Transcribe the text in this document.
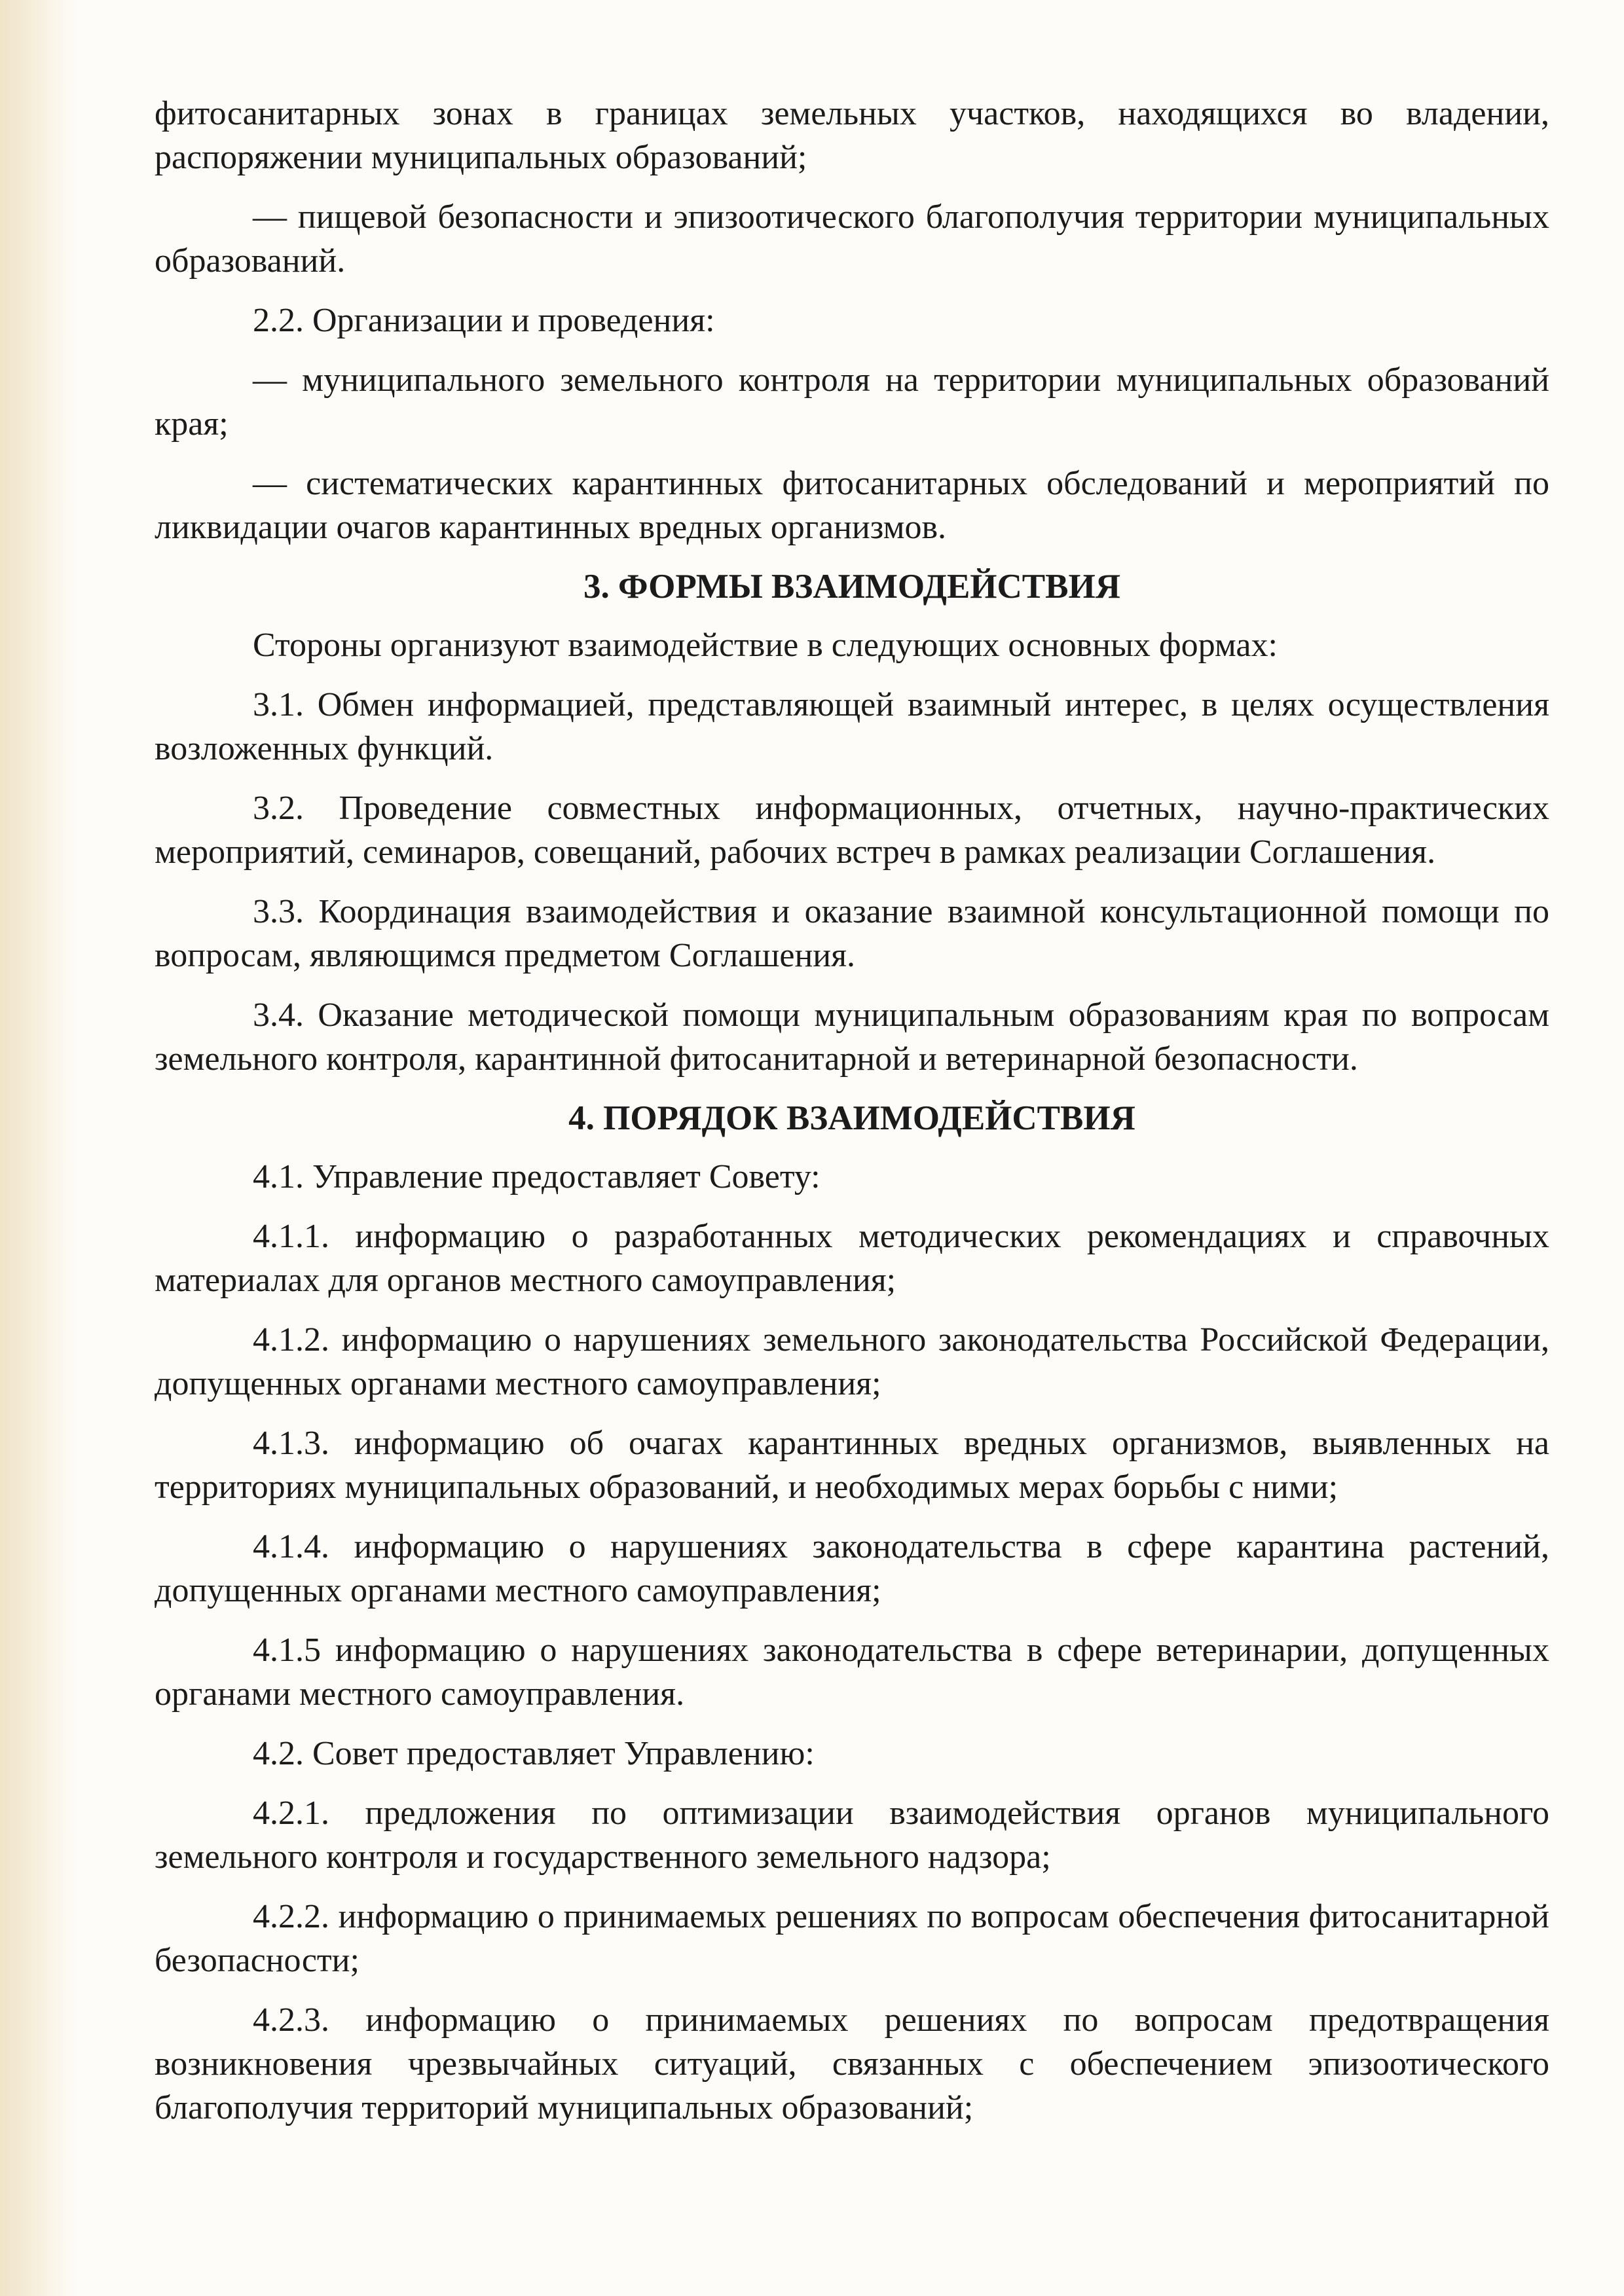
фитосанитарных зонах в границах земельных участков, находящихся во владении, распоряжении муниципальных образований;

— пищевой безопасности и эпизоотического благополучия территории муниципальных образований.

2.2. Организации и проведения:

— муниципального земельного контроля на территории муниципальных образований края;

— систематических карантинных фитосанитарных обследований и мероприятий по ликвидации очагов карантинных вредных организмов.

3. ФОРМЫ ВЗАИМОДЕЙСТВИЯ

Стороны организуют взаимодействие в следующих основных формах:

3.1. Обмен информацией, представляющей взаимный интерес, в целях осуществления возложенных функций.

3.2. Проведение совместных информационных, отчетных, научно-практических мероприятий, семинаров, совещаний, рабочих встреч в рамках реализации Соглашения.

3.3. Координация взаимодействия и оказание взаимной консультационной помощи по вопросам, являющимся предметом Соглашения.

3.4. Оказание методической помощи муниципальным образованиям края по вопросам земельного контроля, карантинной фитосанитарной и ветеринарной безопасности.

4. ПОРЯДОК ВЗАИМОДЕЙСТВИЯ

4.1. Управление предоставляет Совету:

4.1.1. информацию о разработанных методических рекомендациях и справочных материалах для органов местного самоуправления;

4.1.2. информацию о нарушениях земельного законодательства Российской Федерации, допущенных органами местного самоуправления;

4.1.3. информацию об очагах карантинных вредных организмов, выявленных на территориях муниципальных образований, и необходимых мерах борьбы с ними;

4.1.4. информацию о нарушениях законодательства в сфере карантина растений, допущенных органами местного самоуправления;

4.1.5 информацию о нарушениях законодательства в сфере ветеринарии, допущенных органами местного самоуправления.

4.2. Совет предоставляет Управлению:

4.2.1. предложения по оптимизации взаимодействия органов муниципального земельного контроля и государственного земельного надзора;

4.2.2. информацию о принимаемых решениях по вопросам обеспечения фитосанитарной безопасности;

4.2.3. информацию о принимаемых решениях по вопросам предотвращения возникновения чрезвычайных ситуаций, связанных с обеспечением эпизоотического благополучия территорий муниципальных образований;
